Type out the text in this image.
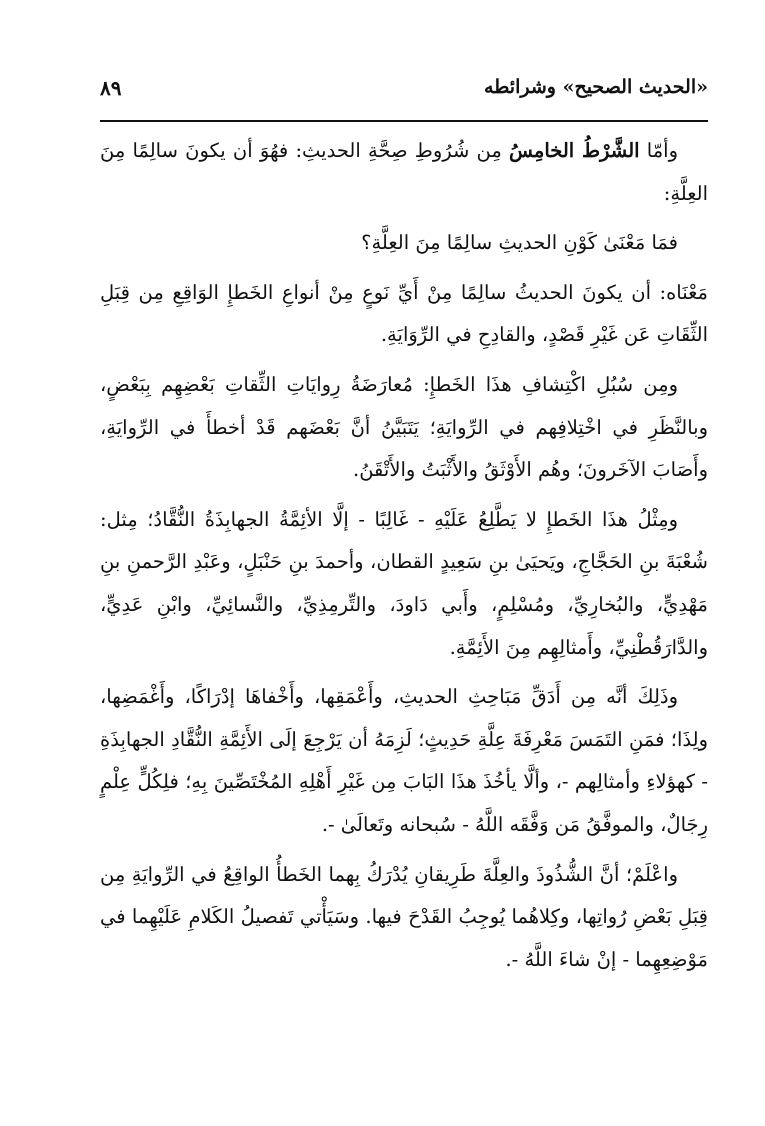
«الحديث الصحيح» وشرائطه
٨٩

وأمّا الشَّرْطُ الخامِسُ مِن شُرُوطِ صِحَّةِ الحديثِ: فهُوَ أن يكونَ سالِمًا مِنَ العِلَّةِ:

فمَا مَعْنَىٰ كَوْنِ الحديثِ سالِمًا مِنَ العِلَّةِ؟

مَعْنَاه: أن يكونَ الحديثُ سالِمًا مِنْ أَيِّ نَوعٍ مِنْ أنواعِ الخَطإِ الوَاقِعِ مِن قِبَلِ الثِّقَاتِ عَن غَيْرِ قَصْدٍ، والقادِحِ في الرِّوَايَةِ.

ومِن سُبُلِ اكْتِشافِ هذَا الخَطإِ: مُعارَضَةُ رِوايَاتِ الثِّقاتِ بَعْضِهِم بِبَعْضٍ، وبالنَّظَرِ في اخْتِلافِهم في الرِّوايَةِ؛ يَتَبَيَّنُ أنَّ بَعْضَهم قَدْ أخطأَ في الرِّوايَةِ، وأَصَابَ الآخَرونَ؛ وهُم الأَوْثَقُ والأَثْبَتُ والأَتْقَنُ.

ومِثْلُ هذَا الخَطإِ لا يَطَّلِعُ عَلَيْهِ - غَالِبًا - إلَّا الأئِمَّةُ الجهابِذَةُ النُّقَّادُ؛ مِثل: شُعْبَةَ بنِ الحَجَّاجِ، ويَحيَىٰ بنِ سَعِيدٍ القطان، وأحمدَ بنِ حَنْبَلٍ، وعَبْدِ الرَّحمنِ بنِ مَهْدِيٍّ، والبُخارِيِّ، ومُسْلِمٍ، وأَبي دَاودَ، والتِّرمِذِيِّ، والنَّسائِيِّ، وابْنِ عَدِيٍّ، والدَّارَقُطْنِيِّ، وأَمثالِهِم مِنَ الأَئِمَّةِ.

وذَلِكَ أنَّه مِن أَدَقِّ مَبَاحِثِ الحديثِ، وأَعْمَقِها، وأَخْفاهَا إدْرَاكًا، وأَغْمَضِها، ولِذَا؛ فمَنِ التَمَسَ مَعْرِفَةَ عِلَّةِ حَدِيثٍ؛ لَزِمَهُ أن يَرْجِعَ إلَى الأَئِمَّةِ النُّقَّادِ الجهابِذَةِ - كهؤلاءِ وأمثالِهم -، وألَّا يأخُذَ هذَا البَابَ مِن غَيْرِ أَهْلِهِ المُخْتَصِّينَ بِهِ؛ فلِكُلٍّ عِلْمٍ رِجَالٌ، والموفَّقُ مَن وَفَّقَه اللَّهُ - سُبحانه وتَعالَىٰ -.

واعْلَمْ؛ أنَّ الشُّذُوذَ والعِلَّةَ طَرِيقانِ يُدْرَكُ بِهما الخَطأُ الواقِعُ في الرِّوايَةِ مِن قِبَلِ بَعْضِ رُواتِها، وكِلاهُما يُوجِبُ القَدْحَ فيها. وسَيَأْتي تَفصيلُ الكَلامِ عَلَيْهِما في مَوْضِعِهِما - إنْ شاءَ اللَّهُ -.
